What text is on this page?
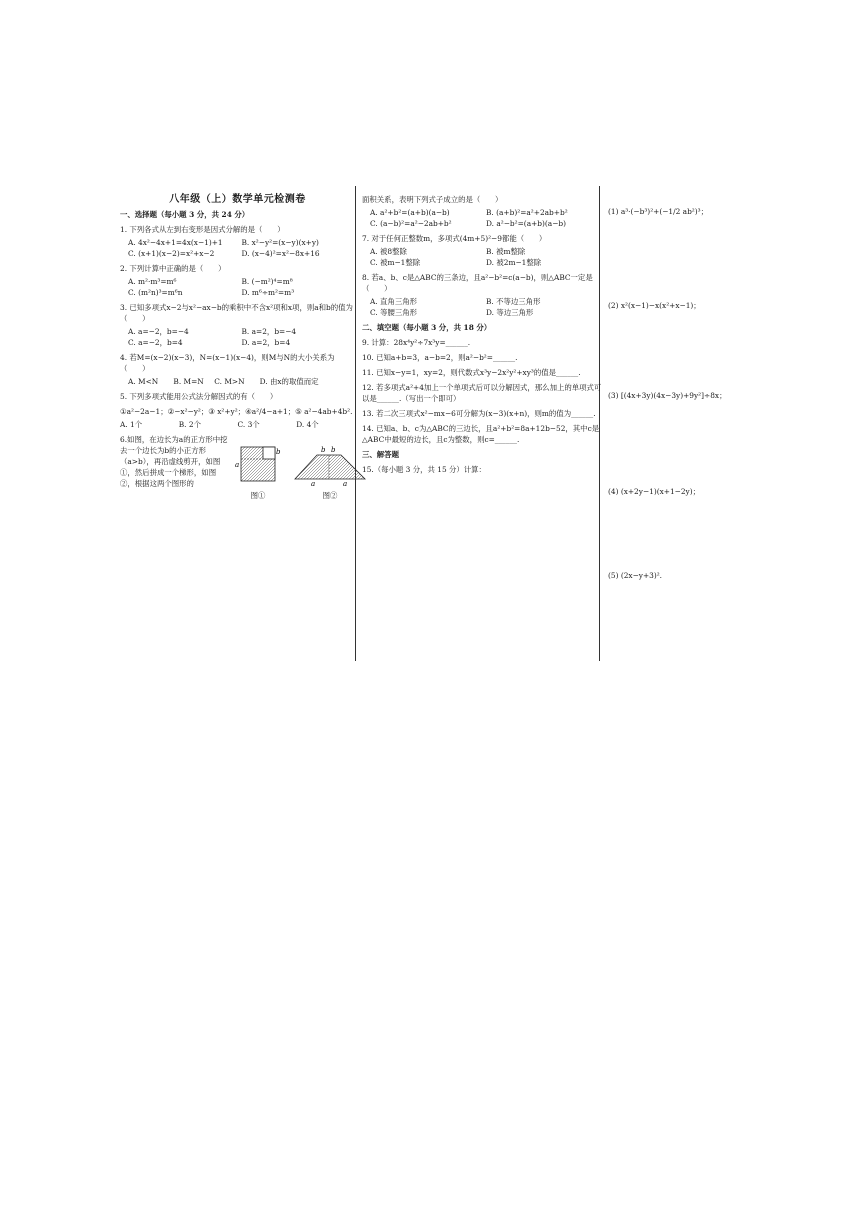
八年级（上）数学单元检测卷
一、选择题（每小题 3 分，共 24 分）
1. 下列各式从左到右变形是因式分解的是（　　）
A. 4x²−4x+1=4x(x−1)+1	B. x²−y²=(x−y)(x+y)
C. (x+1)(x−2)=x²+x−2	D. (x−4)²=x²−8x+16
2. 下列计算中正确的是（　　）
A. m²·m³=m⁶	B. (−m²)⁴=m⁸
C. (m²n)³=m⁶n	D. m⁶÷m²=m³
3. 已知多项式x−2与x²−ax−b的乘积中不含x²项和x项，则a和b的值为（　　）
A. a=−2，b=−4	B. a=2，b=−4
C. a=−2，b=4	D. a=2，b=4
4. 若M=(x−2)(x−3)，N=(x−1)(x−4)，则M与N的大小关系为（　　）
A. M<N	B. M=N	C. M>N	D. 由x的取值而定
5. 下列多项式能用公式法分解因式的有（　　）
①a²−2a−1；②−x²−y²；③ x²+y²；④a²/4−a+1；⑤ a²−4ab+4b².
A. 1个	B. 2个	C. 3个	D. 4个
6.如图，在边长为a的正方形中挖去一个边长为b的小正方形（a>b），再沿虚线剪开，如图①，然后拼成一个梯形，如图②，根据这两个图形的
a
b
图①
b b
a	a
图②
面积关系，表明下列式子成立的是（　　）
A. a²+b²=(a+b)(a−b)	B. (a+b)²=a²+2ab+b²
C. (a−b)²=a²−2ab+b²	D. a²−b²=(a+b)(a−b)
7. 对于任何正整数m，多项式(4m+5)²−9都能（　　）
A. 被8整除	B. 被m整除
C. 被m−1整除	D. 被2m−1整除
8. 若a、b、c是△ABC的三条边，且a²−b²=c(a−b)，则△ABC一定是（　　）
A. 直角三角形	B. 不等边三角形
C. 等腰三角形	D. 等边三角形
二、填空题（每小题 3 分，共 18 分）
9. 计算：28x⁴y²÷7x³y=______.
10. 已知a+b=3，a−b=2，则a²−b²=______.
11. 已知x−y=1，xy=2，则代数式x³y−2x²y²+xy³的值是______.
12. 若多项式a²+4加上一个单项式后可以分解因式，那么加上的单项式可以是______.（写出一个即可）
13. 若二次三项式x²−mx−6可分解为(x−3)(x+n)，则m的值为______.
14. 已知a、b、c为△ABC的三边长，且a²+b²=8a+12b−52，其中c是△ABC中最短的边长，且c为整数，则c=______.
三、解答题
15.（每小题 3 分，共 15 分）计算：
(1) a³·(−b³)²+(−1/2 ab²)³；
(2) x²(x−1)−x(x²+x−1)；
(3) [(4x+3y)(4x−3y)+9y²]÷8x；
(4) (x+2y−1)(x+1−2y)；
(5) (2x−y+3)².
